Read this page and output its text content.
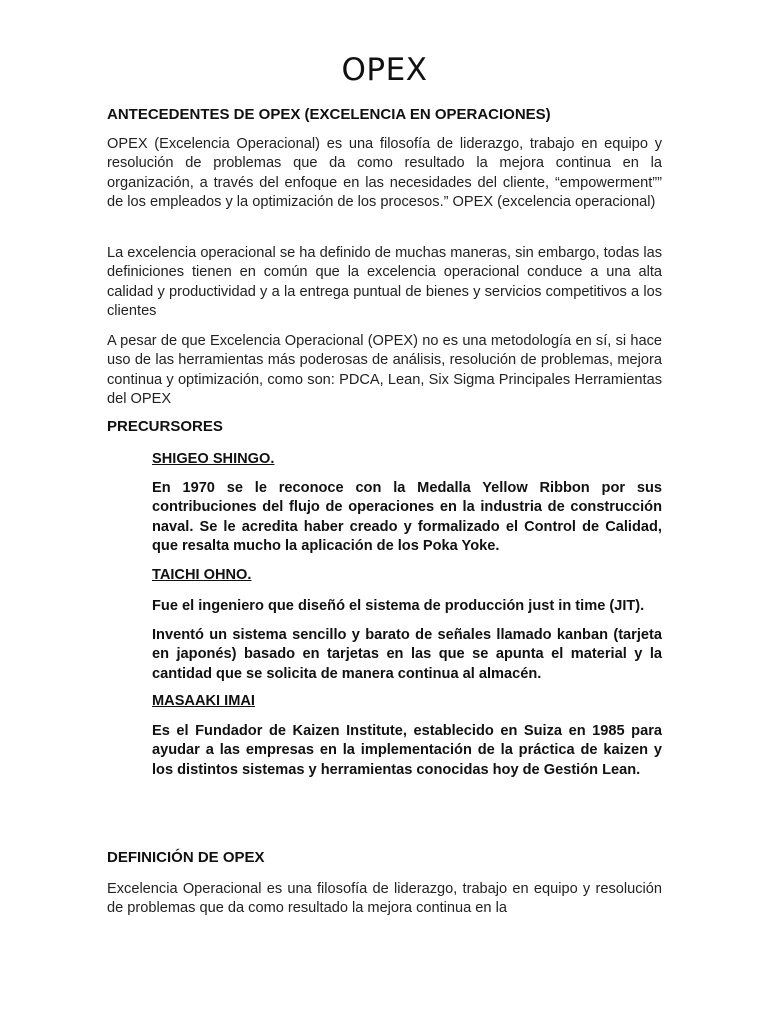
OPEX
ANTECEDENTES DE OPEX (EXCELENCIA EN OPERACIONES)
OPEX (Excelencia Operacional) es una filosofía de liderazgo, trabajo en equipo y resolución de problemas que da como resultado la mejora continua en la organización, a través del enfoque en las necesidades del cliente, “empowerment”” de los empleados y la optimización de los procesos.” OPEX (excelencia operacional)
La excelencia operacional se ha definido de muchas maneras, sin embargo, todas las definiciones tienen en común que la excelencia operacional conduce a una alta calidad y productividad y a la entrega puntual de bienes y servicios competitivos a los clientes
A pesar de que Excelencia Operacional (OPEX) no es una metodología en sí, si hace uso de las herramientas más poderosas de análisis, resolución de problemas, mejora continua y optimización, como son: PDCA, Lean, Six Sigma Principales Herramientas del OPEX
PRECURSORES
SHIGEO SHINGO.
En 1970 se le reconoce con la Medalla Yellow Ribbon por sus contribuciones del flujo de operaciones en la industria de construcción naval. Se le acredita haber creado y formalizado el Control de Calidad, que resalta mucho la aplicación de los Poka Yoke.
TAICHI OHNO.
Fue el ingeniero que diseñó el sistema de producción just in time (JIT).
Inventó un sistema sencillo y barato de señales llamado kanban (tarjeta en japonés) basado en tarjetas en las que se apunta el material y la cantidad que se solicita de manera continua al almacén.
MASAAKI IMAI
Es el Fundador de Kaizen Institute, establecido en Suiza en 1985 para ayudar a las empresas en la implementación de la práctica de kaizen y los distintos sistemas y herramientas conocidas hoy de Gestión Lean.
DEFINICIÓN DE OPEX
Excelencia Operacional es una filosofía de liderazgo, trabajo en equipo y resolución de problemas que da como resultado la mejora continua en la
